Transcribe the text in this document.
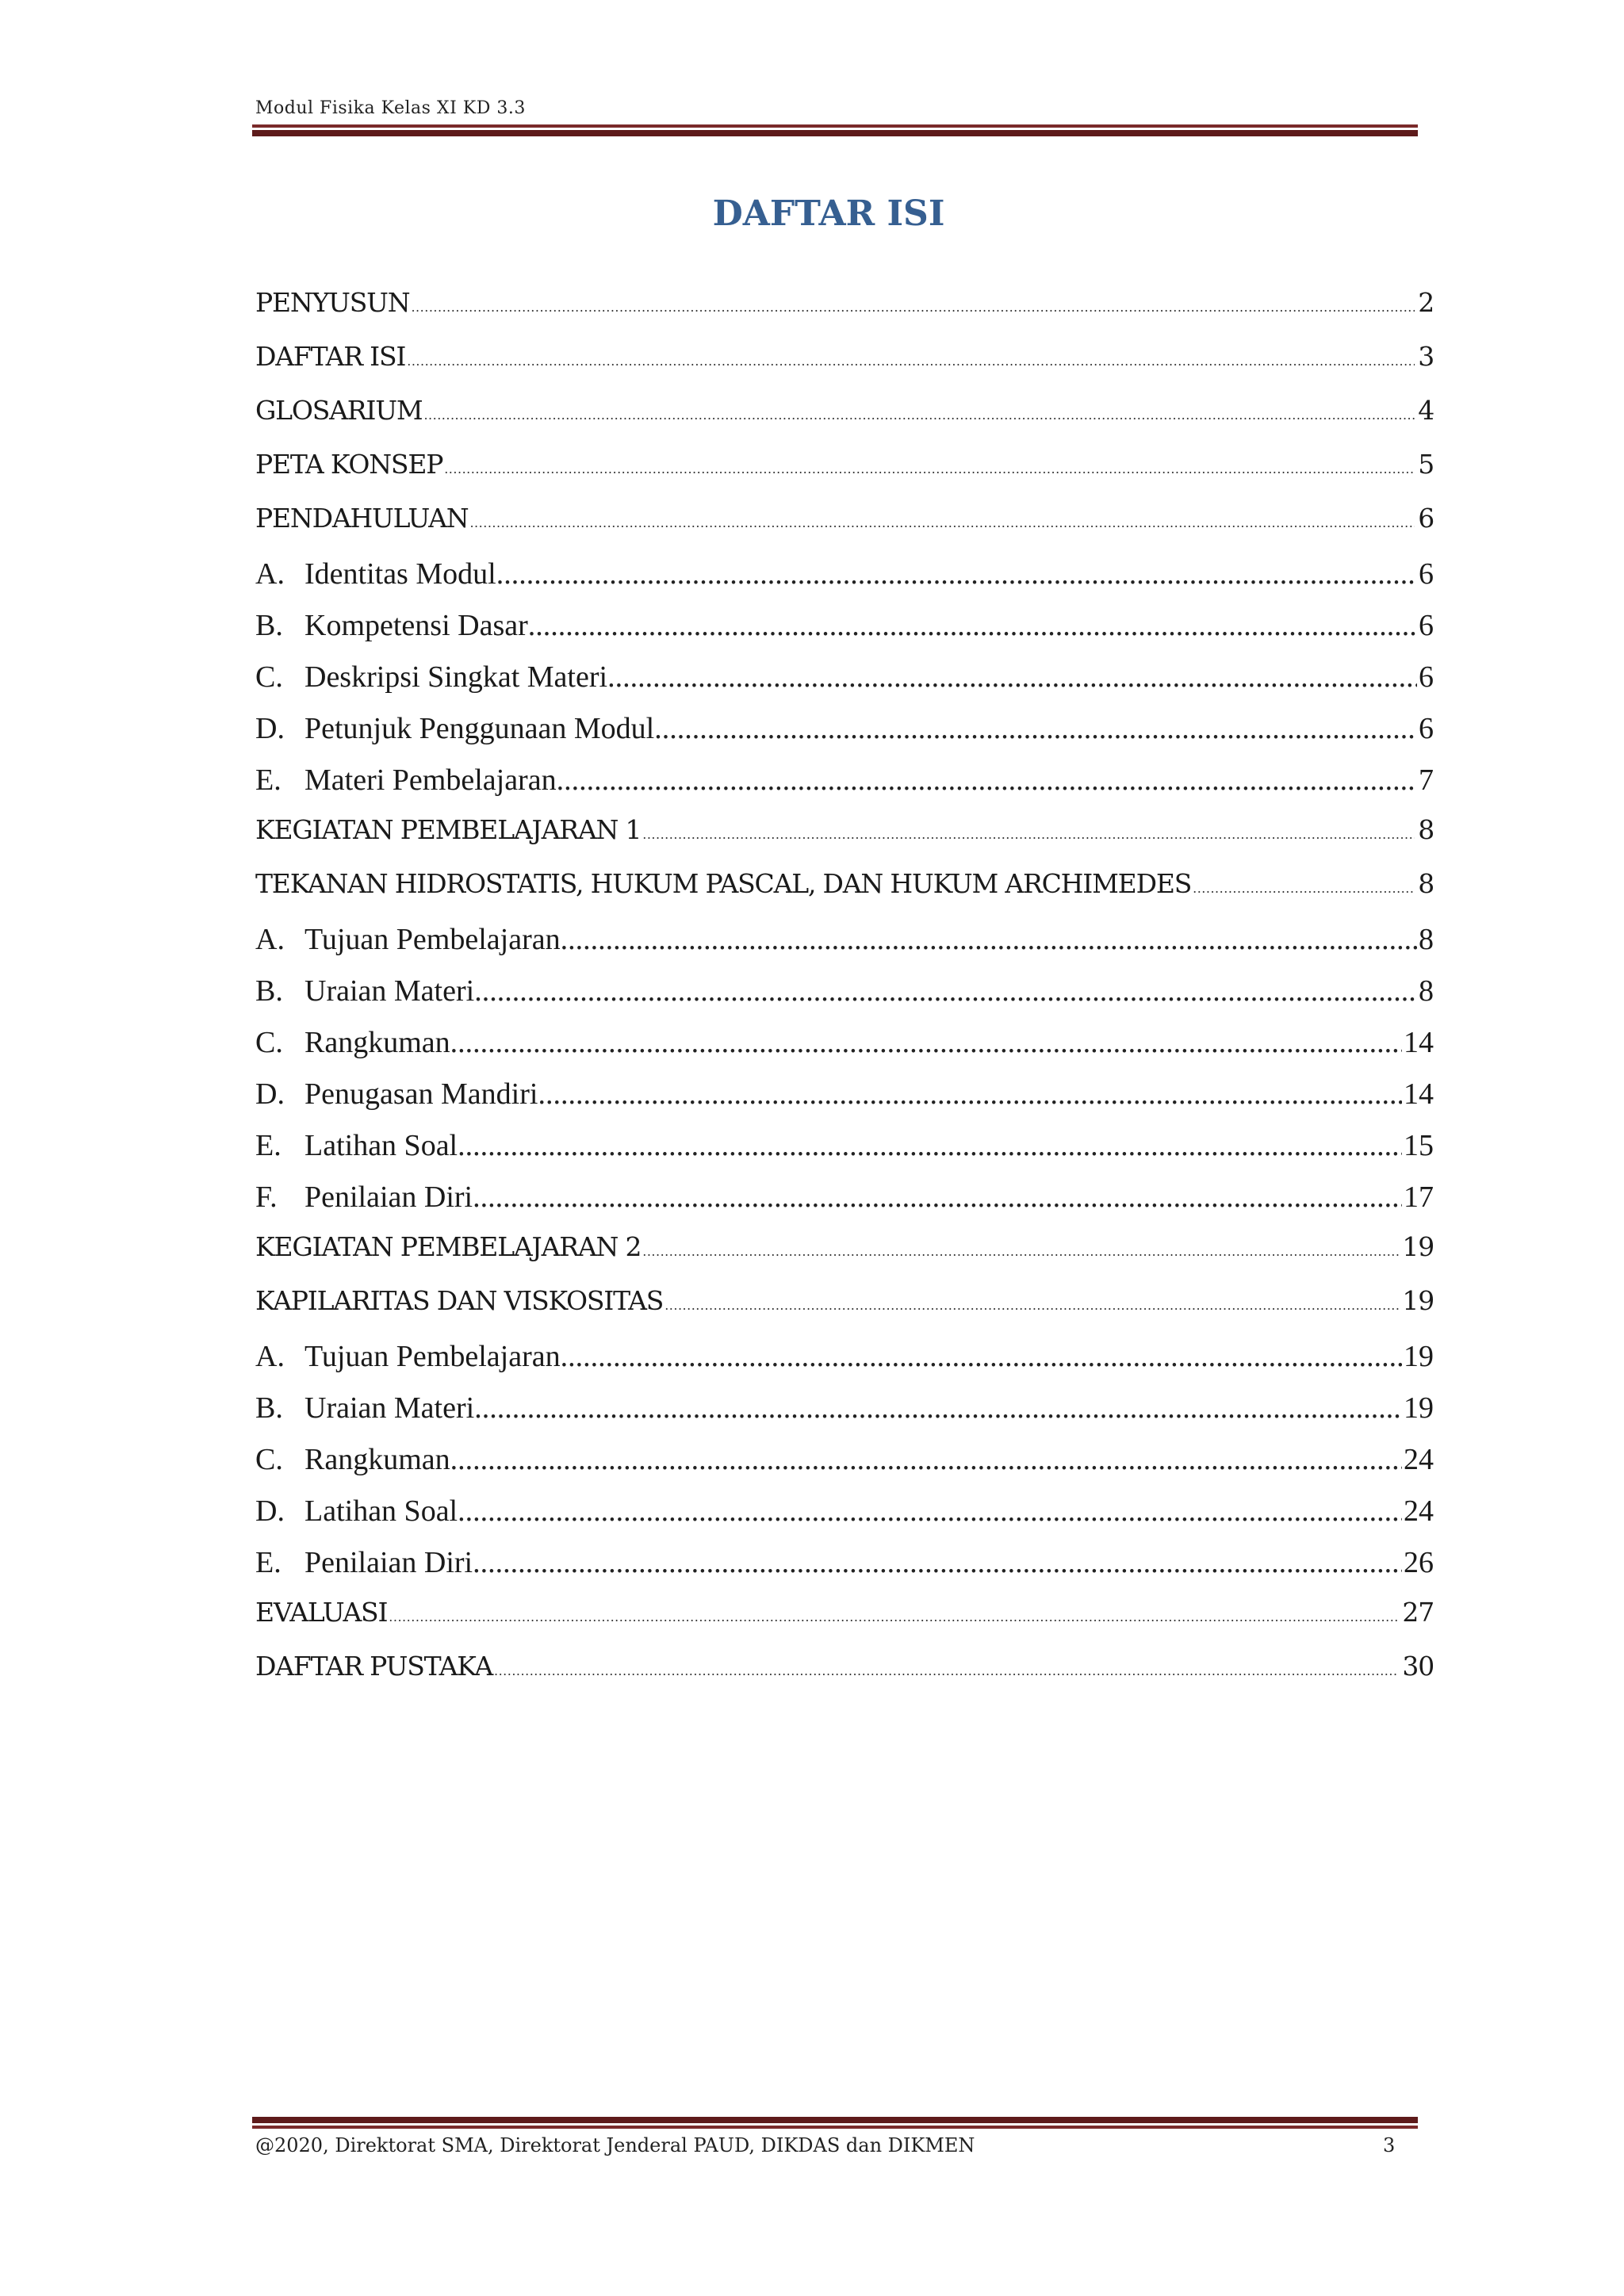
Modul Fisika Kelas XI KD 3.3
DAFTAR ISI
PENYUSUN .....	2
DAFTAR ISI .....	3
GLOSARIUM .....	4
PETA KONSEP .....	5
PENDAHULUAN .....	6
A. Identitas Modul .....	6
B. Kompetensi Dasar .....	6
C. Deskripsi Singkat Materi .....	6
D. Petunjuk Penggunaan Modul .....	6
E. Materi Pembelajaran .....	7
KEGIATAN PEMBELAJARAN 1 .....	8
TEKANAN HIDROSTATIS, HUKUM PASCAL, DAN HUKUM ARCHIMEDES .....	8
A. Tujuan Pembelajaran .....	8
B. Uraian Materi .....	8
C. Rangkuman .....	14
D. Penugasan Mandiri .....	14
E. Latihan Soal .....	15
F. Penilaian Diri .....	17
KEGIATAN PEMBELAJARAN 2 .....	19
KAPILARITAS DAN VISKOSITAS .....	19
A. Tujuan Pembelajaran .....	19
B. Uraian Materi .....	19
C. Rangkuman .....	24
D. Latihan Soal .....	24
E. Penilaian Diri .....	26
EVALUASI .....	27
DAFTAR PUSTAKA .....	30
@2020, Direktorat SMA, Direktorat Jenderal PAUD, DIKDAS dan DIKMEN	3
